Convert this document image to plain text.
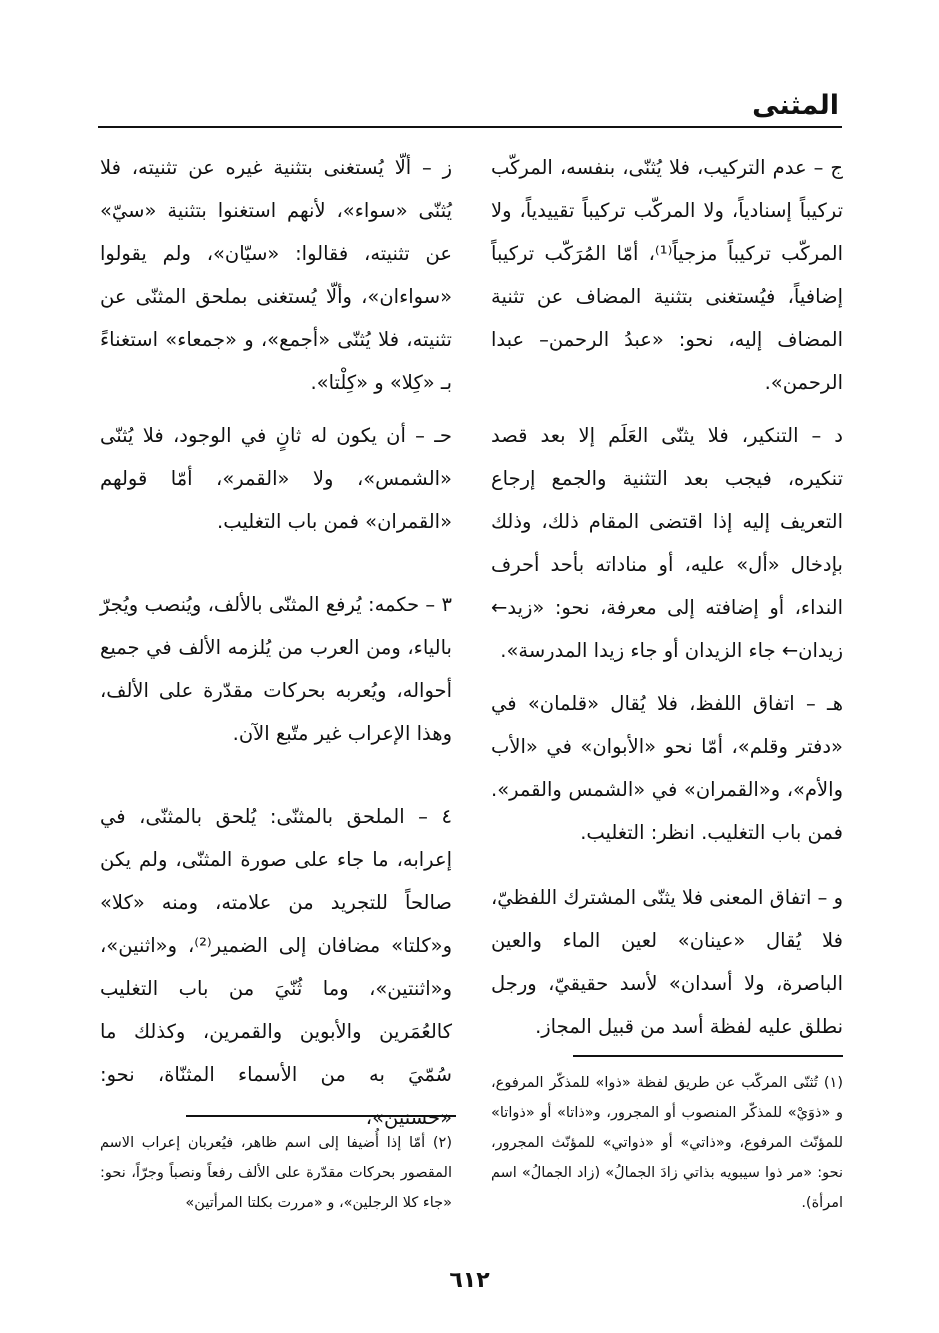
المثنى

ج – عدم التركيب، فلا يُثنّى، بنفسه، المركّب تركيباً إسنادياً، ولا المركّب تركيباً تقييدياً، ولا المركّب تركيباً مزجياً⁽¹⁾، أمّا المُرَكّب تركيباً إضافياً، فيُستغنى بتثنية المضاف عن تثنية المضاف إليه، نحو: «عبدُ الرحمن– عبدا الرحمن».

د – التنكير، فلا يثنّى العَلَم إلا بعد قصد تنكيره، فيجب بعد التثنية والجمع إرجاع التعريف إليه إذا اقتضى المقام ذلك، وذلك بإدخال «أل» عليه، أو مناداته بأحد أحرف النداء، أو إضافته إلى معرفة، نحو: «زيد← زيدان← جاء الزيدان أو جاء زيدا المدرسة».

هـ – اتفاق اللفظ، فلا يُقال «قلمان» في «دفتر وقلم»، أمّا نحو «الأبوان» في «الأب والأم»، و«القمران» في «الشمس والقمر». فمن باب التغليب. انظر: التغليب.

و – اتفاق المعنى فلا يثنّى المشترك اللفظيّ، فلا يُقال «عينان» لعين الماء والعين الباصرة، ولا أسدان» لأسد حقيقيّ، ورجل نطلق عليه لفظة أسد من قبيل المجاز.

ز – ألّا يُستغنى بتثنية غيره عن تثنيته، فلا يُثنّى «سواء»، لأنهم استغنوا بتثنية «سيّ» عن تثنيته، فقالوا: «سيّان»، ولم يقولوا «سواءان»، وألّا يُستغنى بملحق المثنّى عن تثنيته، فلا يُثنّى «أجمع»، و «جمعاء» استغناءً بـ «كِلا» و «كِلْتا».

حـ – أن يكون له ثانٍ في الوجود، فلا يُثنّى «الشمس»، ولا «القمر»، أمّا قولهم «القمران» فمن باب التغليب.

٣ – حكمه: يُرفع المثنّى بالألف، ويُنصب ويُجرّ بالياء، ومن العرب من يُلزمه الألف في جميع أحواله، ويُعربه بحركات مقدّرة على الألف، وهذا الإعراب غير متّبع الآن.

٤ – الملحق بالمثنّى: يُلحق بالمثنّى، في إعرابه، ما جاء على صورة المثنّى، ولم يكن صالحاً للتجريد من علامته، ومنه «كلا» و«كلتا» مضافان إلى الضمير⁽²⁾، و«اثنين»، و«اثنتين»، وما ثُنّيَ من باب التغليب كالعُمَرين والأبوين والقمرين، وكذلك ما سُمّيَ به من الأسماء المثنّاة، نحو: «حسنين»،

(١) تُثنّى المركّب عن طريق لفظة «ذوا» للمذكّر المرفوع، و «ذوَيْ» للمذكّر المنصوب أو المجرور، و«ذاتا» أو «ذواتا» للمؤنّث المرفوع، و«ذاتي» أو «ذواتي» للمؤنّث المجرور، نحو: «مر ذوا سيبويه بذاتي زادَ الجمالُ» (زاد الجمالُ» اسم امرأة).

(٢) أمّا إذا أُضيفا إلى اسم ظاهر، فيُعربان إعراب الاسم المقصور بحركات مقدّرة على الألف رفعاً ونصباً وجرّاً، نحو: «جاء كلا الرجلين»، و «مررت بكلتا المرأتين»

٦١٢
